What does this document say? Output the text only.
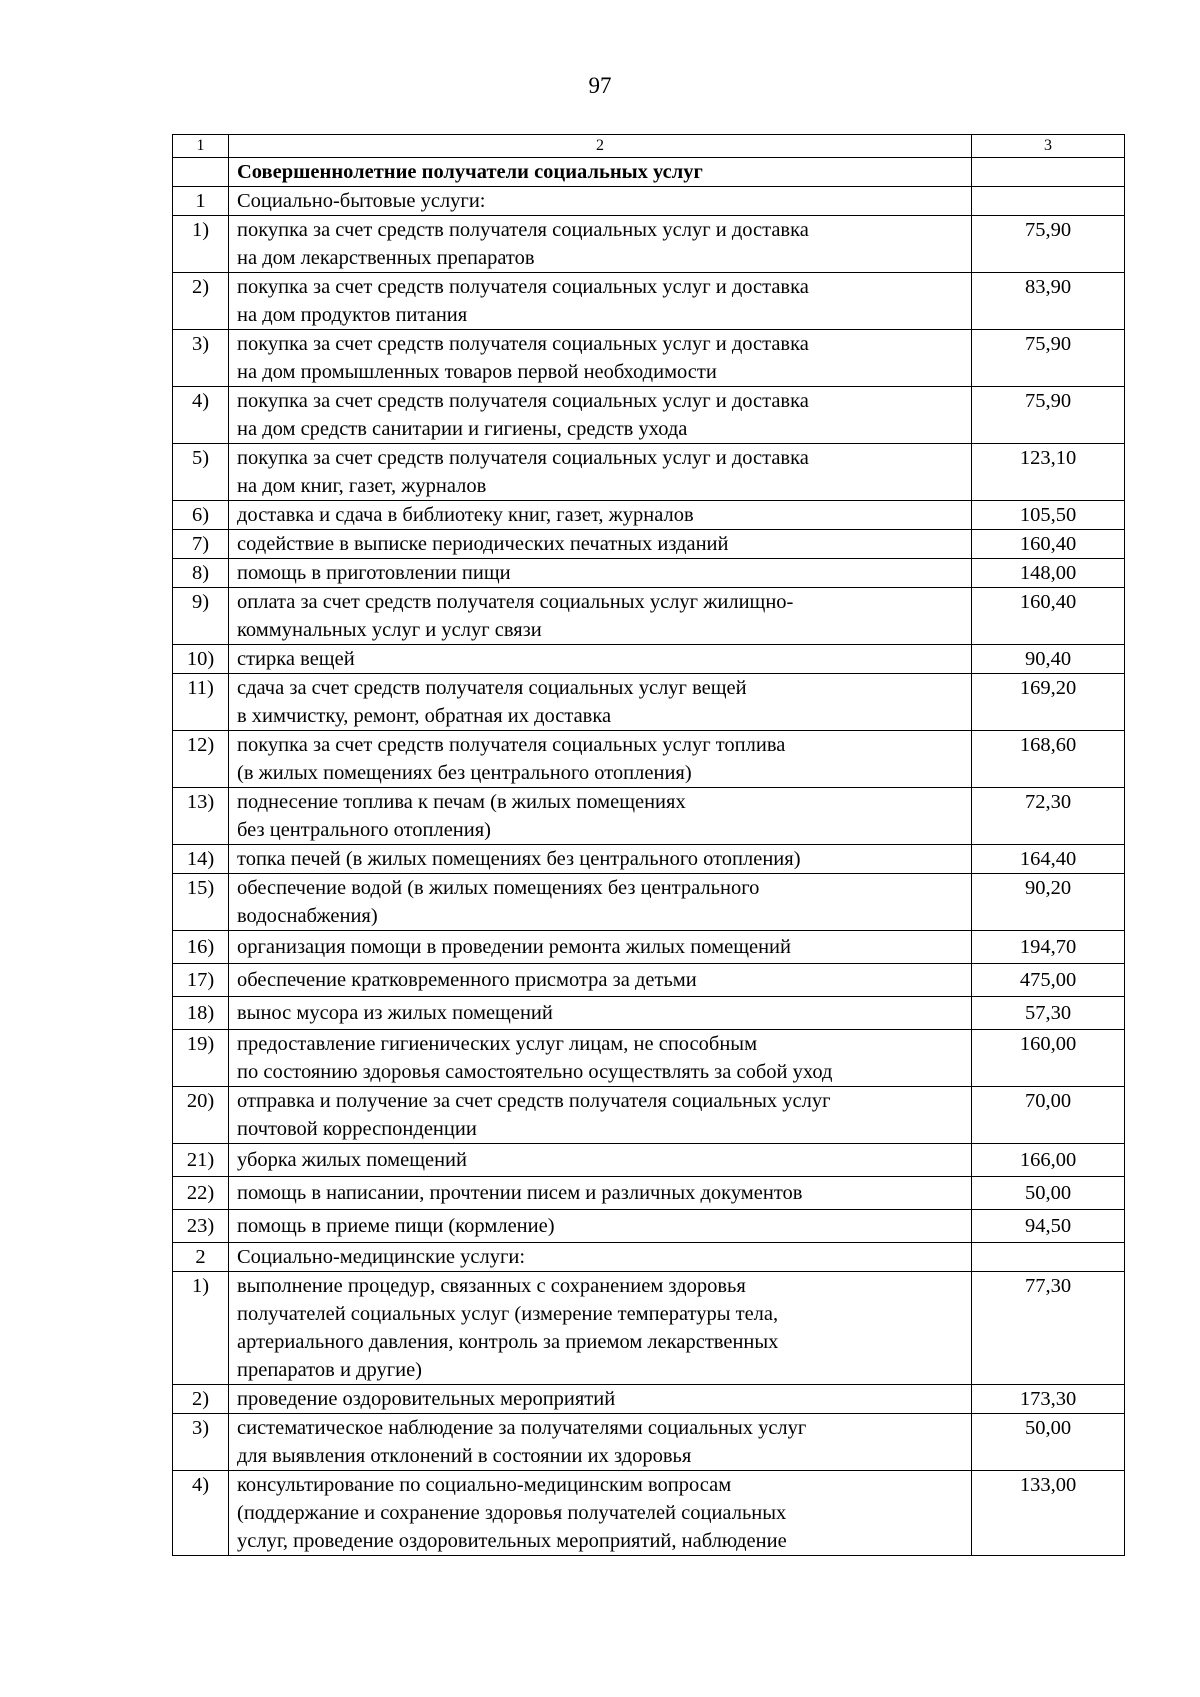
97
1	2	3
	Совершеннолетние получатели социальных услуг	
1	Социально-бытовые услуги:	
1)	покупка за счет средств получателя социальных услуг и доставка
на дом лекарственных препаратов	75,90
2)	покупка за счет средств получателя социальных услуг и доставка
на дом продуктов питания	83,90
3)	покупка за счет средств получателя социальных услуг и доставка
на дом промышленных товаров первой необходимости	75,90
4)	покупка за счет средств получателя социальных услуг и доставка
на дом средств санитарии и гигиены, средств ухода	75,90
5)	покупка за счет средств получателя социальных услуг и доставка
на дом книг, газет, журналов	123,10
6)	доставка и сдача в библиотеку книг, газет, журналов	105,50
7)	содействие в выписке периодических печатных изданий	160,40
8)	помощь в приготовлении пищи	148,00
9)	оплата за счет средств получателя социальных услуг жилищно-
коммунальных услуг и услуг связи	160,40
10)	стирка вещей	90,40
11)	сдача за счет средств получателя социальных услуг вещей
в химчистку, ремонт, обратная их доставка	169,20
12)	покупка за счет средств получателя социальных услуг топлива
(в жилых помещениях без центрального отопления)	168,60
13)	поднесение топлива к печам (в жилых помещениях
без центрального отопления)	72,30
14)	топка печей (в жилых помещениях без центрального отопления)	164,40
15)	обеспечение водой (в жилых помещениях без центрального
водоснабжения)	90,20
16)	организация помощи в проведении ремонта жилых помещений	194,70
17)	обеспечение кратковременного присмотра за детьми	475,00
18)	вынос мусора из жилых помещений	57,30
19)	предоставление гигиенических услуг лицам, не способным
по состоянию здоровья самостоятельно осуществлять за собой уход	160,00
20)	отправка и получение за счет средств получателя социальных услуг
почтовой корреспонденции	70,00
21)	уборка жилых помещений	166,00
22)	помощь в написании, прочтении писем и различных документов	50,00
23)	помощь в приеме пищи (кормление)	94,50
2	Социально-медицинские услуги:	
1)	выполнение процедур, связанных с сохранением здоровья
получателей социальных услуг (измерение температуры тела,
артериального давления, контроль за приемом лекарственных
препаратов и другие)	77,30
2)	проведение оздоровительных мероприятий	173,30
3)	систематическое наблюдение за получателями социальных услуг
для выявления отклонений в состоянии их здоровья	50,00
4)	консультирование по социально-медицинским вопросам
(поддержание и сохранение здоровья получателей социальных
услуг, проведение оздоровительных мероприятий, наблюдение	133,00
